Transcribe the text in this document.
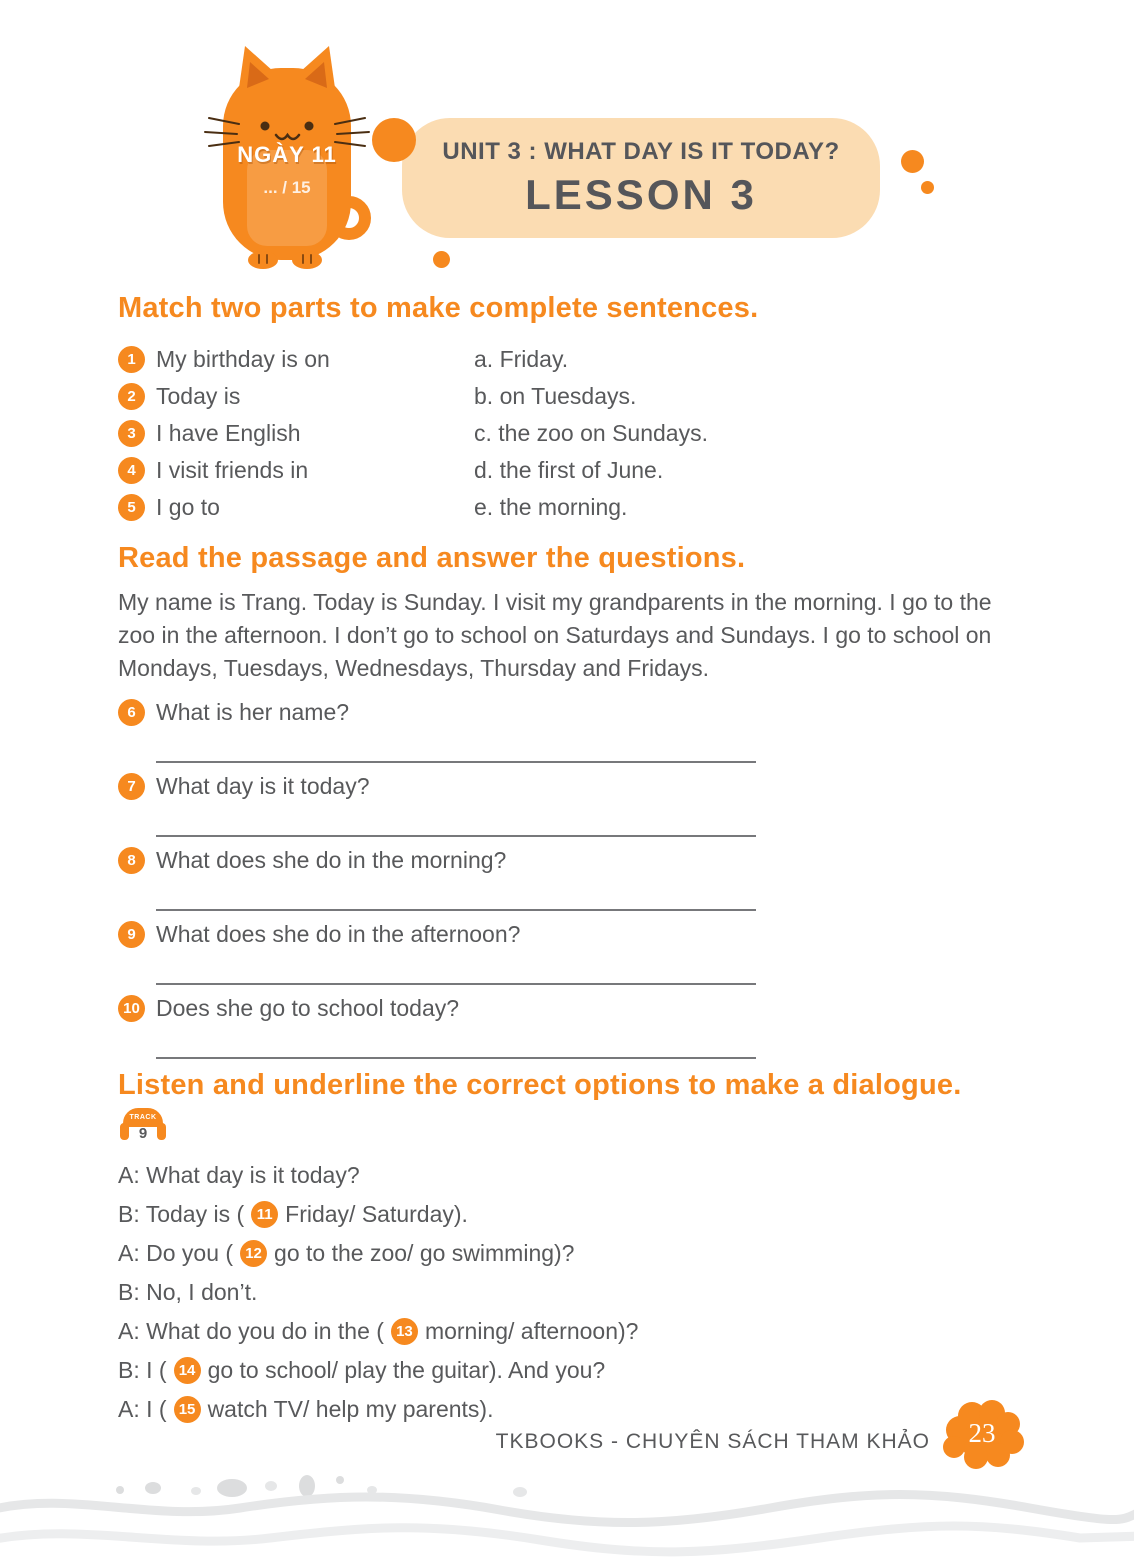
NGÀY 11
... / 15
UNIT 3 : WHAT DAY IS IT TODAY?
LESSON 3
Match two parts to make complete sentences.
1 My birthday is on	a. Friday.
2 Today is	b. on Tuesdays.
3 I have English	c. the zoo on Sundays.
4 I visit friends in	d. the first of June.
5 I go to	e. the morning.
Read the passage and answer the questions.
My name is Trang. Today is Sunday. I visit my grandparents in the morning. I go to the zoo in the afternoon. I don’t go to school on Saturdays and Sundays. I go to school on Mondays, Tuesdays, Wednesdays, Thursday and Fridays.
6 What is her name?
7 What day is it today?
8 What does she do in the morning?
9 What does she do in the afternoon?
10 Does she go to school today?
Listen and underline the correct options to make a dialogue.
TRACK
9
A: What day is it today?
B: Today is ( 11 Friday/ Saturday).
A: Do you ( 12 go to the zoo/ go swimming)?
B: No, I don’t.
A: What do you do in the ( 13 morning/ afternoon)?
B: I ( 14 go to school/ play the guitar). And you?
A: I ( 15 watch TV/ help my parents).
TKBOOKS - CHUYÊN SÁCH THAM KHẢO	23
